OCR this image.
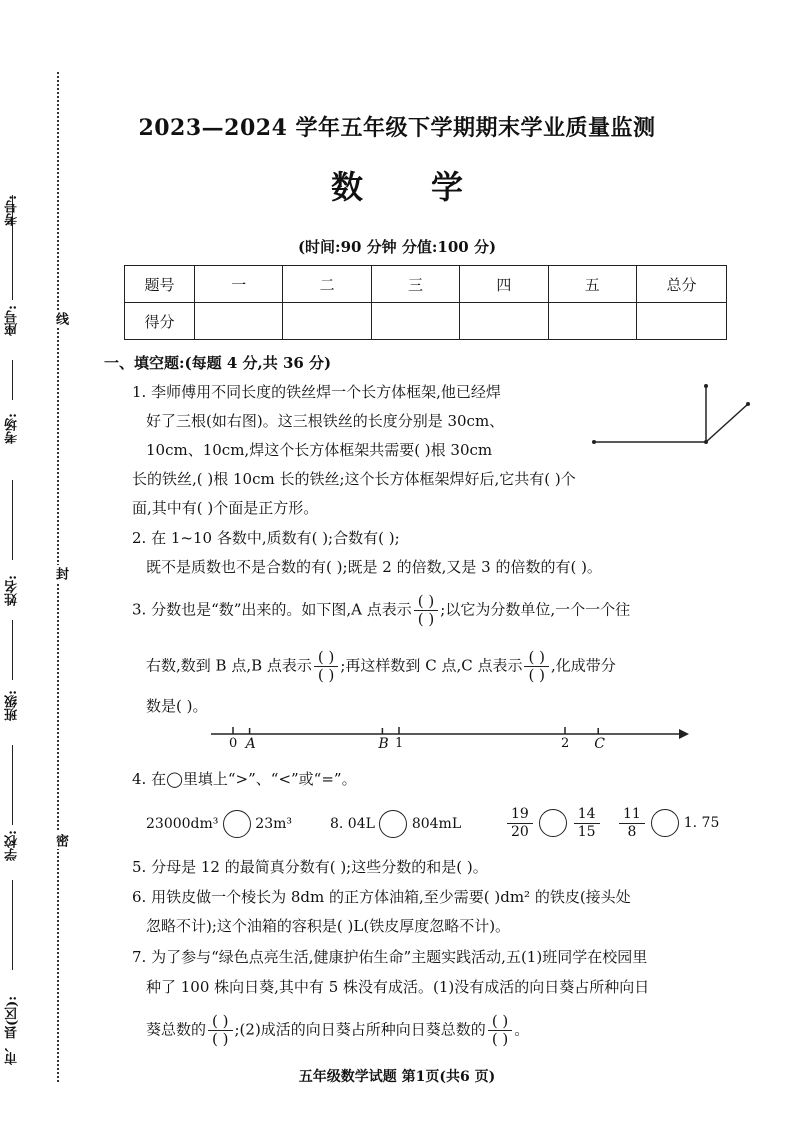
考号:
座号:
考场:
姓名:
班级:
学校:
市、县(区):
线
封
密
2023—2024 学年五年级下学期期末学业质量监测
数 学
(时间:90 分钟 分值:100 分)
题号	一	二	三	四	五	总分
得分						
一、填空题:(每题 4 分,共 36 分)
1. 李师傅用不同长度的铁丝焊一个长方体框架,他已经焊
好了三根(如右图)。这三根铁丝的长度分别是 30cm、
10cm、10cm,焊这个长方体框架共需要( )根 30cm
长的铁丝,( )根 10cm 长的铁丝;这个长方体框架焊好后,它共有( )个
面,其中有( )个面是正方形。
2. 在 1~10 各数中,质数有( );合数有( );
既不是质数也不是合数的有( );既是 2 的倍数,又是 3 的倍数的有( )。
3. 分数也是“数”出来的。如下图,A 点表示 $\frac{( )}{( )}$ ;以它为分数单位,一个一个往
右数,数到 B 点,B 点表示 $\frac{( )}{( )}$ ;再这样数到 C 点,C 点表示 $\frac{( )}{( )}$ ,化成带分
数是( )。
0	1	2
A	B	C
4. 在◯里填上“>”、“<”或“=”。
23000dm³	23m³	8. 04L	804mL	$\frac{19}{20}$
	$\frac{14}{15} \frac{11}{8}$	1. 75
5. 分母是 12 的最简真分数有( );这些分数的和是( )。
6. 用铁皮做一个棱长为 8dm 的正方体油箱,至少需要( )dm² 的铁皮(接头处
忽略不计);这个油箱的容积是( )L(铁皮厚度忽略不计)。
7. 为了参与“绿色点亮生活,健康护佑生命”主题实践活动,五(1)班同学在校园里
种了 100 株向日葵,其中有 5 株没有成活。(1)没有成活的向日葵占所种向日
葵总数的 $\frac{( )}{( )}$ ;(2)成活的向日葵占所种向日葵总数的 $\frac{( )}{( )}$ 。
五年级数学试题 第1页(共6 页)
